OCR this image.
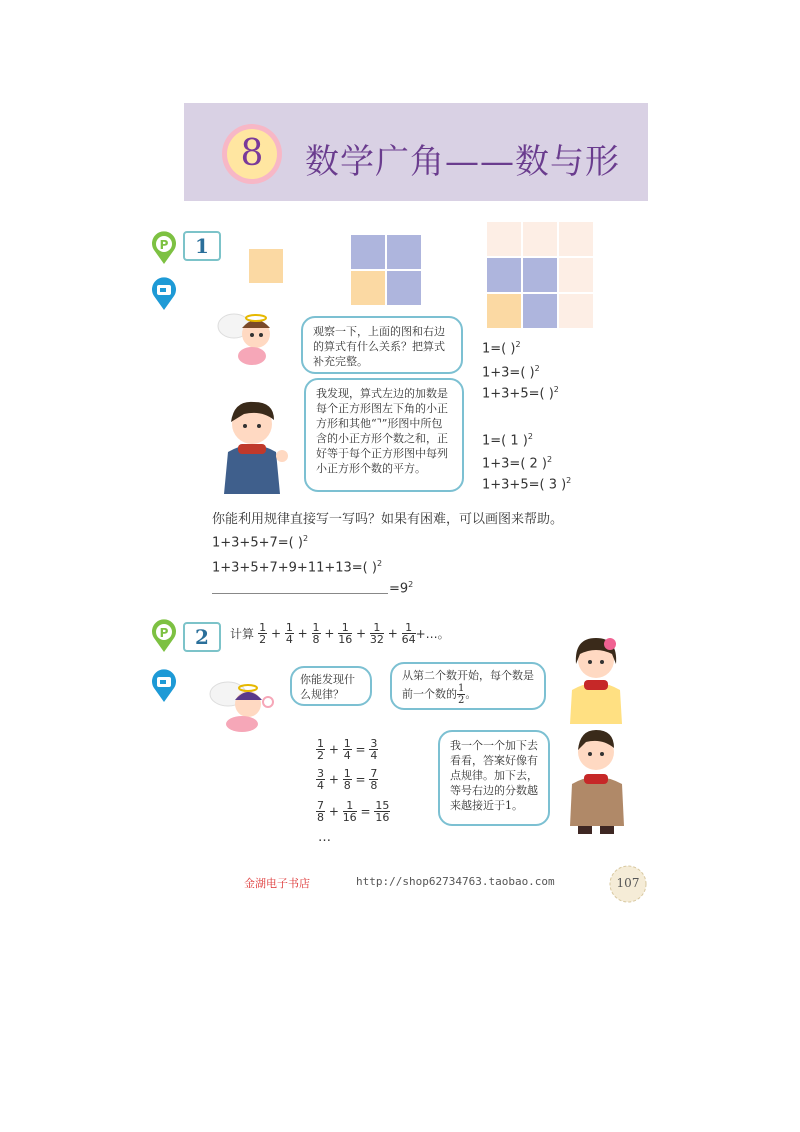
8	数学广角——数与形
P	1
观察一下，上面的图和右边的算式有什么关系？把算式补充完整。
我发现，算式左边的加数是每个正方形图左下角的小正方形和其他“⌝”形图中所包含的小正方形个数之和，正好等于每个正方形图中每列小正方形个数的平方。
1=( )$^2$
1+3=( )$^2$
1+3+5=( )$^2$
1=( 1 )$^2$
1+3=( 2 )$^2$
1+3+5=( 3 )$^2$
你能利用规律直接写一写吗？如果有困难，可以画图来帮助。
1+3+5+7=( )$^2$
1+3+5+7+9+11+13=( )$^2$
$=9^2$
P	2	计算 $\frac{1}{2} + \frac{1}{4} + \frac{1}{8} + \frac{1}{16} + \frac{1}{32} + \frac{1}{64}$ +…。
你能发现什么规律？
从第二个数开始，每个数是前一个数的 $\frac{1}{2}$ 。
我一个一个加下去看看，答案好像有点规律。加下去，等号右边的分数越来越接近于1。
$\frac{1}{2} + \frac{1}{4} = \frac{3}{4}$
$\frac{3}{4} + \frac{1}{8} = \frac{7}{8}$
$\frac{7}{8} + \frac{1}{16} = \frac{15}{16}$
…
金湖电子书店	http://shop62734763.taobao.com	107
